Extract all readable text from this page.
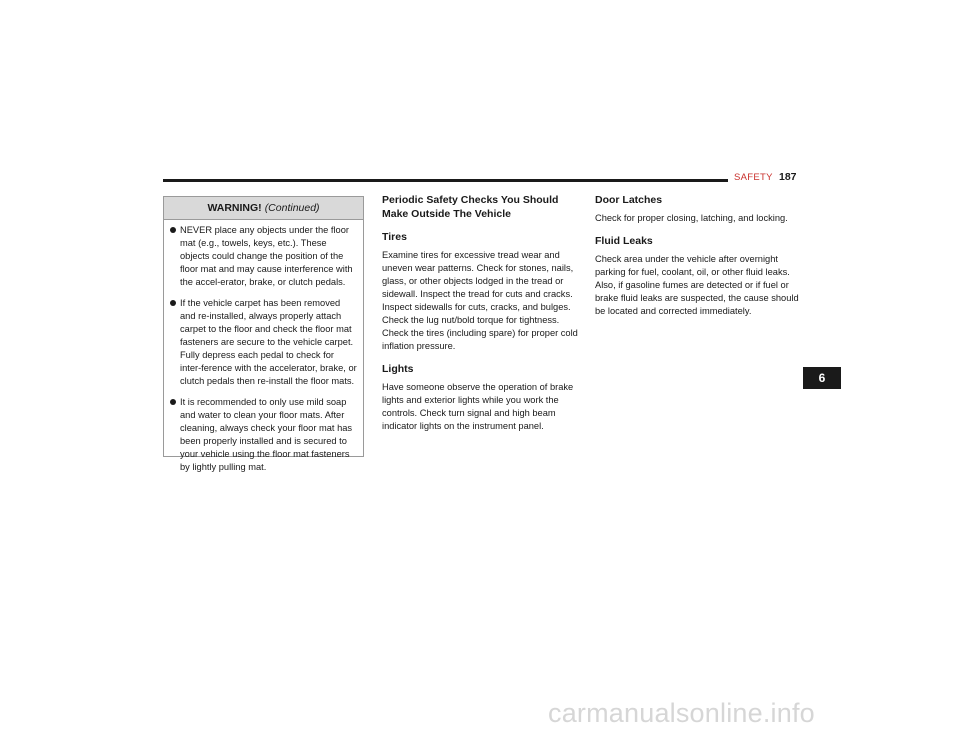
SAFETY 187
WARNING! (Continued)
NEVER place any objects under the floor mat (e.g., towels, keys, etc.). These objects could change the position of the floor mat and may cause interference with the accel-erator, brake, or clutch pedals.
If the vehicle carpet has been removed and re-installed, always properly attach carpet to the floor and check the floor mat fasteners are secure to the vehicle carpet. Fully depress each pedal to check for inter-ference with the accelerator, brake, or clutch pedals then re-install the floor mats.
It is recommended to only use mild soap and water to clean your floor mats. After cleaning, always check your floor mat has been properly installed and is secured to your vehicle using the floor mat fasteners by lightly pulling mat.
Periodic Safety Checks You Should Make Outside The Vehicle
Tires

Examine tires for excessive tread wear and uneven wear patterns. Check for stones, nails, glass, or other objects lodged in the tread or sidewall. Inspect the tread for cuts and cracks. Inspect sidewalls for cuts, cracks, and bulges. Check the lug nut/bold torque for tightness. Check the tires (including spare) for proper cold inflation pressure.

Lights

Have someone observe the operation of brake lights and exterior lights while you work the controls. Check turn signal and high beam indicator lights on the instrument panel.

Door Latches

Check for proper closing, latching, and locking.

Fluid Leaks

Check area under the vehicle after overnight parking for fuel, coolant, oil, or other fluid leaks. Also, if gasoline fumes are detected or if fuel or brake fluid leaks are suspected, the cause should be located and corrected immediately.

6
carmanualsonline.info
